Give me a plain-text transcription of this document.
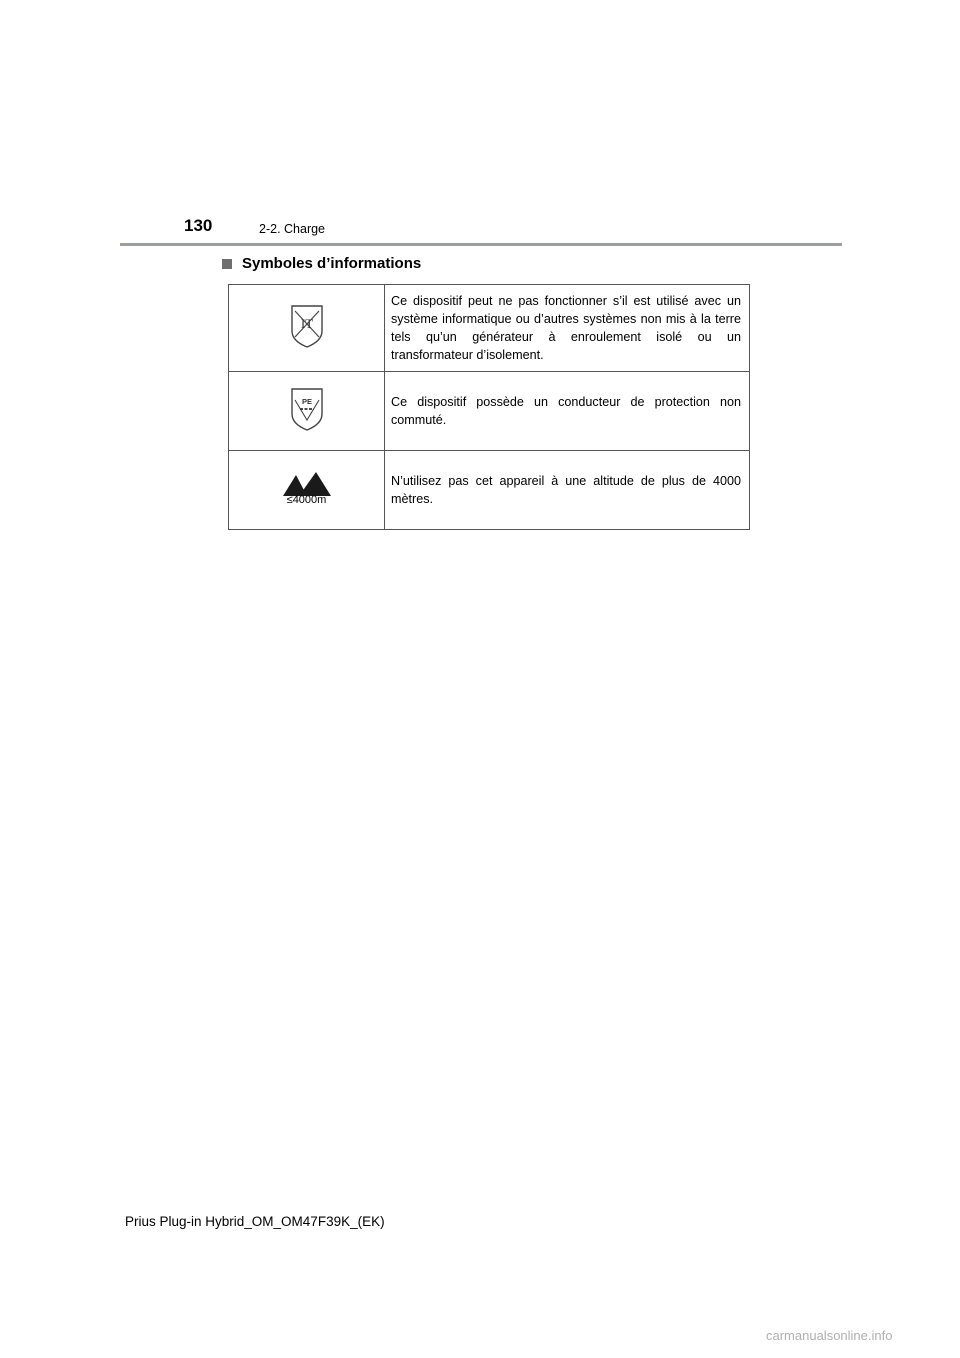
130	2-2. Charge
Symboles d’informations
IT	Ce dispositif peut ne pas fonctionner s’il est utilisé avec un système informatique ou d’autres systèmes non mis à la terre tels qu’un générateur à enroulement isolé ou un transformateur d’isolement.

PE	Ce dispositif possède un conducteur de protection non commuté.

≤4000m	N’utilisez pas cet appareil à une altitude de plus de 4000 mètres.
Prius Plug-in Hybrid_OM_OM47F39K_(EK)
carmanualsonline.info
